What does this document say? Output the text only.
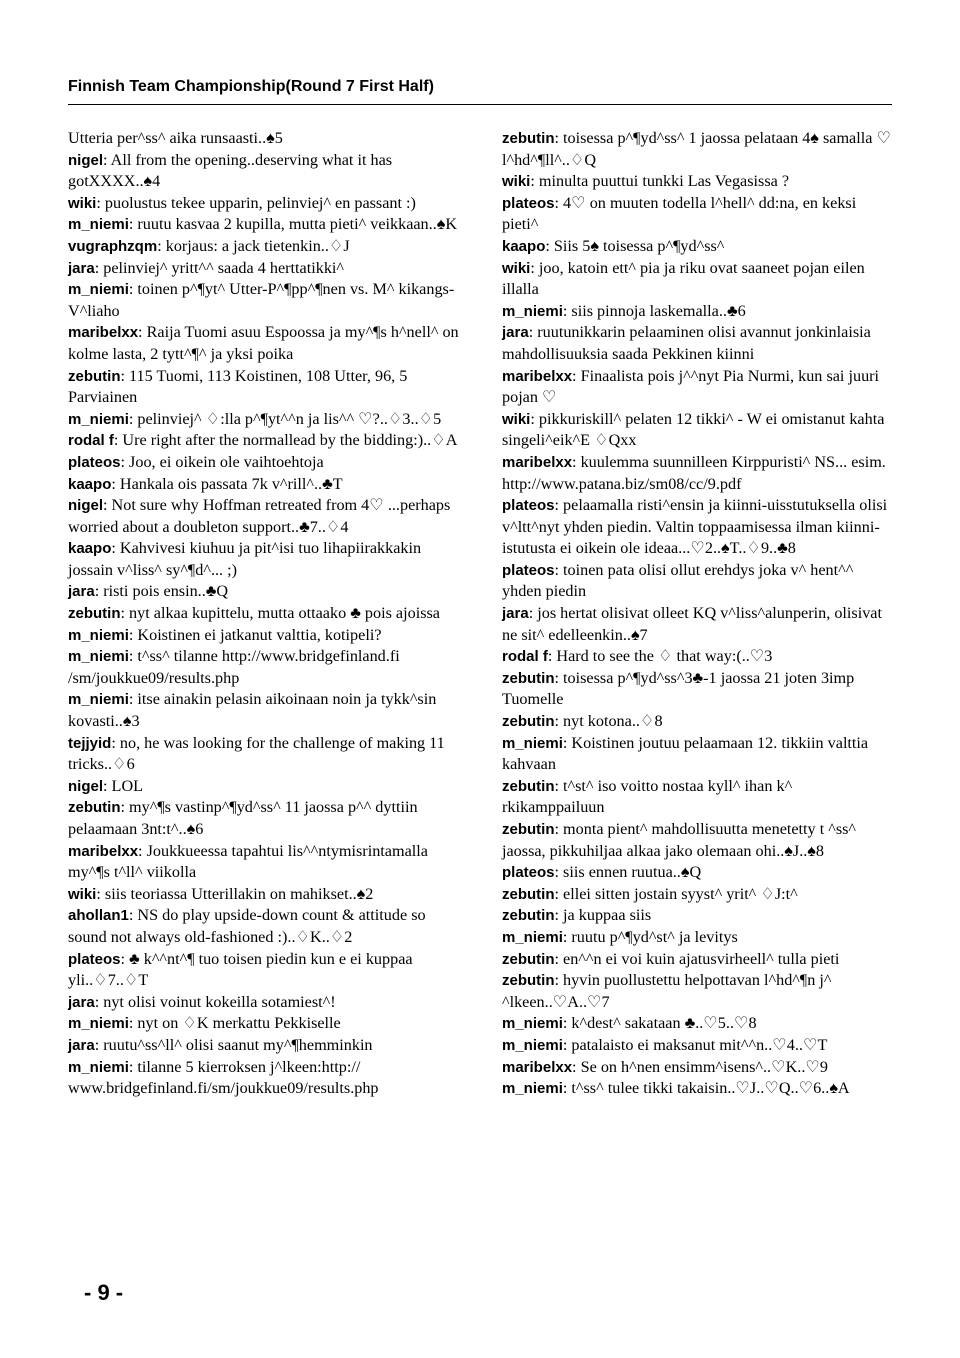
Finnish Team Championship(Round 7 First Half)

Utteria per^ss^ aika runsaasti..♠5

nigel: All from the opening..deserving what it has gotXXXX..♠4

wiki: puolustus tekee upparin, pelinviej^ en passant :)

m_niemi: ruutu kasvaa 2 kupilla, mutta pieti^ veikkaan..♠K

vugraphzqm: korjaus: a jack tietenkin..♢J

jara: pelinviej^ yritt^^ saada 4 herttatikki^

m_niemi: toinen p^¶yt^ Utter-P^¶pp^¶nen vs. M^ kikangs-V^liaho

maribelxx: Raija Tuomi asuu Espoossa ja my^¶s h^nell^ on kolme lasta, 2 tytt^¶^ ja yksi poika

zebutin: 115 Tuomi, 113 Koistinen, 108 Utter, 96, 5 Parviainen

m_niemi: pelinviej^ ♢:lla p^¶yt^^n ja lis^^ ♡?..♢3..♢5

rodal f: Ure right after the normallead by the bidding:)..♢A

plateos: Joo, ei oikein ole vaihtoehtoja

kaapo: Hankala ois passata 7k v^rill^..♣T

nigel: Not sure why Hoffman retreated from 4♡ ...perhaps worried about a doubleton support..♣7..♢4

kaapo: Kahvivesi kiuhuu ja pit^isi tuo lihapiirakkakin jossain v^liss^ sy^¶d^... ;)

jara: risti pois ensin..♣Q

zebutin: nyt alkaa kupittelu, mutta ottaako ♣ pois ajoissa

m_niemi: Koistinen ei jatkanut valttia, kotipeli?

m_niemi: t^ss^ tilanne http://www.bridgefinland.fi /sm/joukkue09/results.php

m_niemi: itse ainakin pelasin aikoinaan noin ja tykk^sin kovasti..♠3

tejjyid: no, he was looking for the challenge of making 11 tricks..♢6

nigel: LOL

zebutin: my^¶s vastinp^¶yd^ss^ 11 jaossa p^^ dyttiin pelaamaan 3nt:t^..♠6

maribelxx: Joukkueessa tapahtui lis^^ntymisrintamalla my^¶s t^ll^ viikolla

wiki: siis teoriassa Utterillakin on mahikset..♠2

ahollan1: NS do play upside-down count & attitude so sound not always old-fashioned :)..♢K..♢2

plateos: ♣ k^^nt^¶ tuo toisen piedin kun e ei kuppaa yli..♢7..♢T

jara: nyt olisi voinut kokeilla sotamiest^!

m_niemi: nyt on ♢K merkattu Pekkiselle

jara: ruutu^ss^ll^ olisi saanut my^¶hemminkin

m_niemi: tilanne 5 kierroksen j^lkeen:http:// www.bridgefinland.fi/sm/joukkue09/results.php

zebutin: toisessa p^¶yd^ss^ 1 jaossa pelataan 4♠ samalla ♡ l^hd^¶ll^..♢Q

wiki: minulta puuttui tunkki Las Vegasissa ?

plateos: 4♡ on muuten todella l^hell^ dd:na, en keksi pieti^

kaapo: Siis 5♠ toisessa p^¶yd^ss^

wiki: joo, katoin ett^ pia ja riku ovat saaneet pojan eilen illalla

m_niemi: siis pinnoja laskemalla..♣6

jara: ruutunikkarin pelaaminen olisi avannut jonkinlaisia mahdollisuuksia saada Pekkinen kiinni

maribelxx: Finaalista pois j^^nyt Pia Nurmi, kun sai juuri pojan ♡

wiki: pikkuriskill^ pelaten 12 tikki^ - W ei omistanut kahta singeli^eik^E ♢Qxx

maribelxx: kuulemma suunnilleen Kirppuristi^ NS... esim. http://www.patana.biz/sm08/cc/9.pdf

plateos: pelaamalla risti^ensin ja kiinni-uisstutuksella olisi v^ltt^nyt yhden piedin. Valtin toppaamisessa ilman kiinni-istutusta ei oikein ole ideaa...♡2..♠T..♢9..♣8

plateos: toinen pata olisi ollut erehdys joka v^ hent^^ yhden piedin

jara: jos hertat olisivat olleet KQ v^liss^alunperin, olisivat ne sit^ edelleenkin..♠7

rodal f: Hard to see the ♢ that way:(..♡3

zebutin: toisessa p^¶yd^ss^3♣-1 jaossa 21 joten 3imp Tuomelle

zebutin: nyt kotona..♢8

m_niemi: Koistinen joutuu pelaamaan 12. tikkiin valttia kahvaan

zebutin: t^st^ iso voitto nostaa kyll^ ihan k^ rkikamppailuun

zebutin: monta pient^ mahdollisuutta menetetty t ^ss^ jaossa, pikkuhiljaa alkaa jako olemaan ohi..♠J..♠8

plateos: siis ennen ruutua..♠Q

zebutin: ellei sitten jostain syyst^ yrit^ ♢J:t^

zebutin: ja kuppaa siis

m_niemi: ruutu p^¶yd^st^ ja levitys

zebutin: en^^n ei voi kuin ajatusvirheell^ tulla pieti

zebutin: hyvin puollustettu helpottavan l^hd^¶n j^ ^lkeen..♡A..♡7

m_niemi: k^dest^ sakataan ♣..♡5..♡8

m_niemi: patalaisto ei maksanut mit^^n..♡4..♡T

maribelxx: Se on h^nen ensimm^isens^..♡K..♡9

m_niemi: t^ss^ tulee tikki takaisin..♡J..♡Q..♡6..♠A

- 9 -
